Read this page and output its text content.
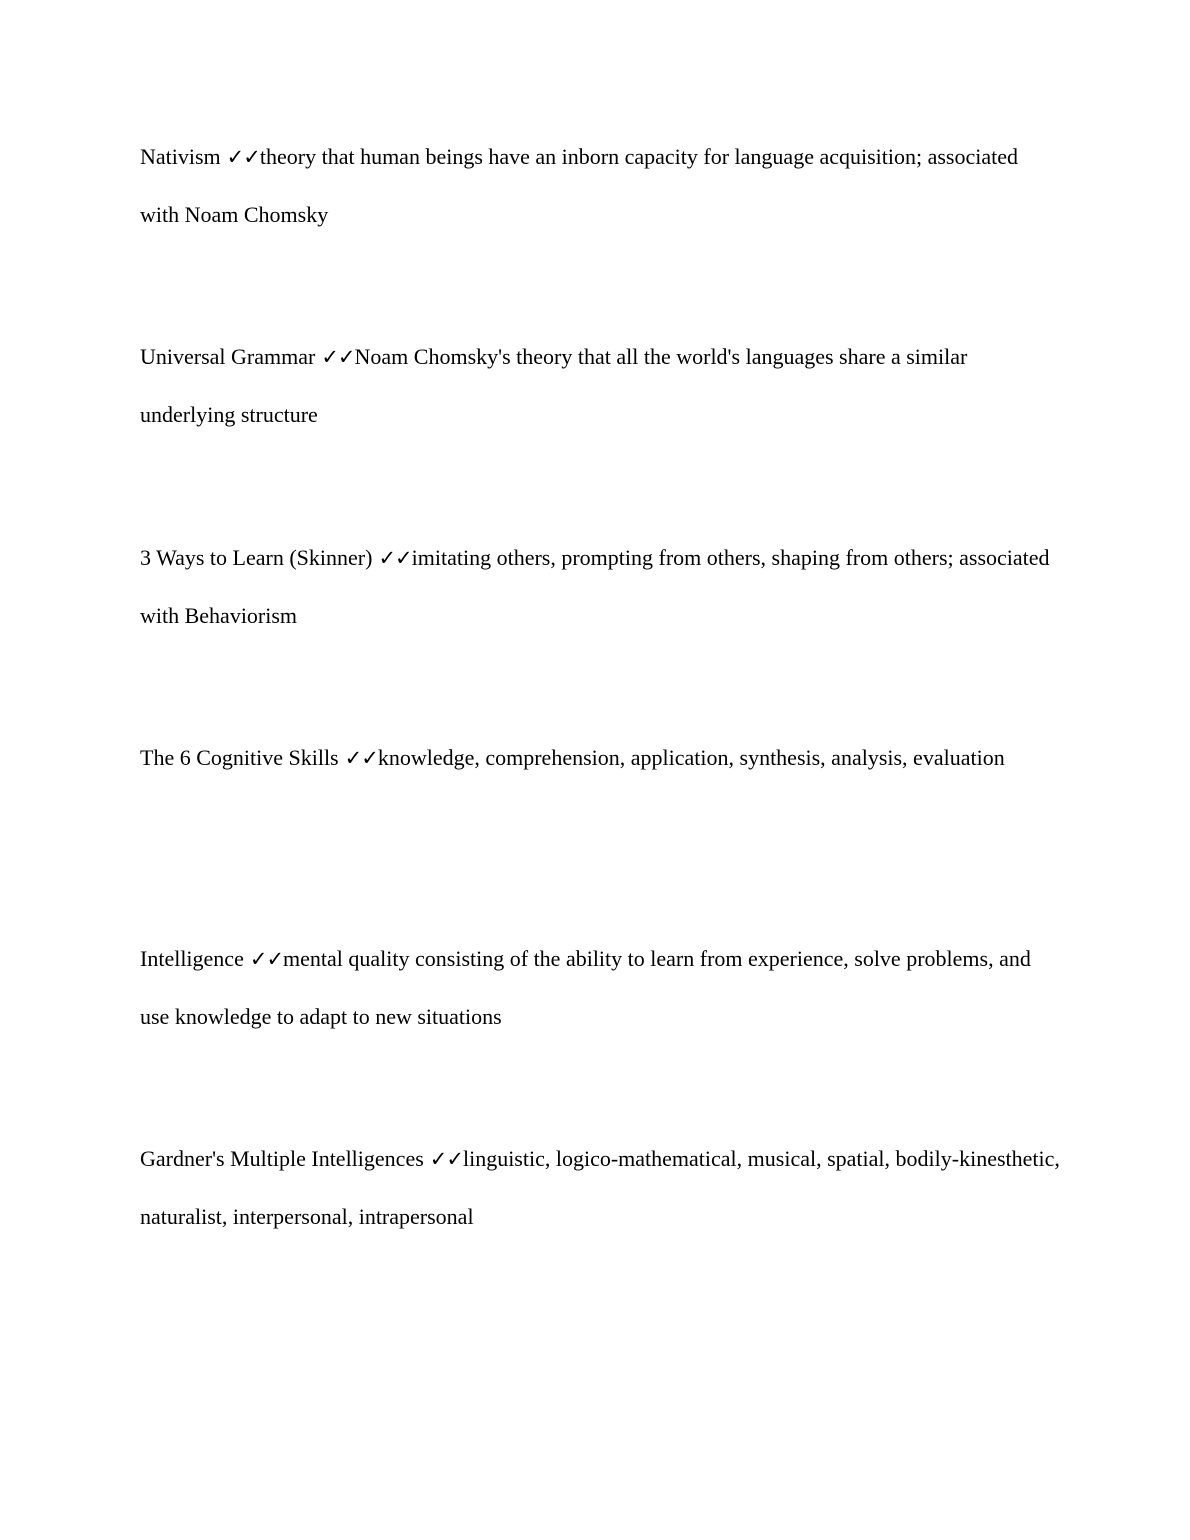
Nativism ✓✓theory that human beings have an inborn capacity for language acquisition; associated with Noam Chomsky

Universal Grammar ✓✓Noam Chomsky's theory that all the world's languages share a similar underlying structure

3 Ways to Learn (Skinner) ✓✓imitating others, prompting from others, shaping from others; associated with Behaviorism

The 6 Cognitive Skills ✓✓knowledge, comprehension, application, synthesis, analysis, evaluation

Intelligence ✓✓mental quality consisting of the ability to learn from experience, solve problems, and use knowledge to adapt to new situations

Gardner's Multiple Intelligences ✓✓linguistic, logico-mathematical, musical, spatial, bodily-kinesthetic, naturalist, interpersonal, intrapersonal
